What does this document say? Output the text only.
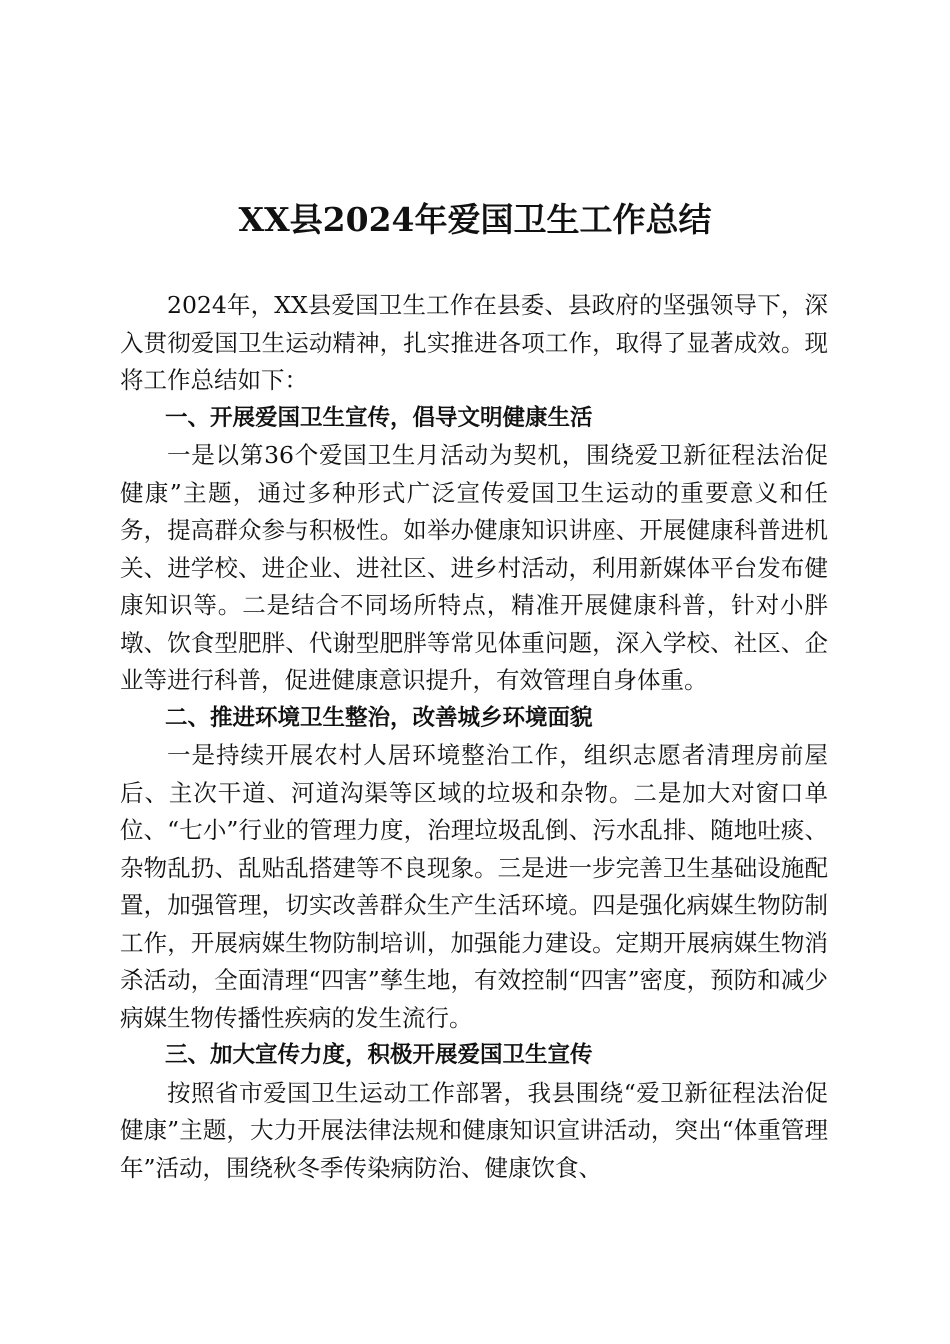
XX县2024年爱国卫生工作总结

2024年，XX县爱国卫生工作在县委、县政府的坚强领导下，深入贯彻爱国卫生运动精神，扎实推进各项工作，取得了显著成效。现将工作总结如下：

一、开展爱国卫生宣传，倡导文明健康生活

一是以第36个爱国卫生月活动为契机，围绕爱卫新征程法治促健康”主题，通过多种形式广泛宣传爱国卫生运动的重要意义和任务，提高群众参与积极性。如举办健康知识讲座、开展健康科普进机关、进学校、进企业、进社区、进乡村活动，利用新媒体平台发布健康知识等。二是结合不同场所特点，精准开展健康科普，针对小胖墩、饮食型肥胖、代谢型肥胖等常见体重问题，深入学校、社区、企业等进行科普，促进健康意识提升，有效管理自身体重。

二、推进环境卫生整治，改善城乡环境面貌

一是持续开展农村人居环境整治工作，组织志愿者清理房前屋后、主次干道、河道沟渠等区域的垃圾和杂物。二是加大对窗口单位、“七小”行业的管理力度，治理垃圾乱倒、污水乱排、随地吐痰、杂物乱扔、乱贴乱搭建等不良现象。三是进一步完善卫生基础设施配置，加强管理，切实改善群众生产生活环境。四是强化病媒生物防制工作，开展病媒生物防制培训，加强能力建设。定期开展病媒生物消杀活动，全面清理“四害”孳生地，有效控制“四害”密度，预防和减少病媒生物传播性疾病的发生流行。

三、加大宣传力度，积极开展爱国卫生宣传

按照省市爱国卫生运动工作部署，我县围绕“爱卫新征程法治促健康”主题，大力开展法律法规和健康知识宣讲活动，突出“体重管理年”活动，围绕秋冬季传染病防治、健康饮食、
